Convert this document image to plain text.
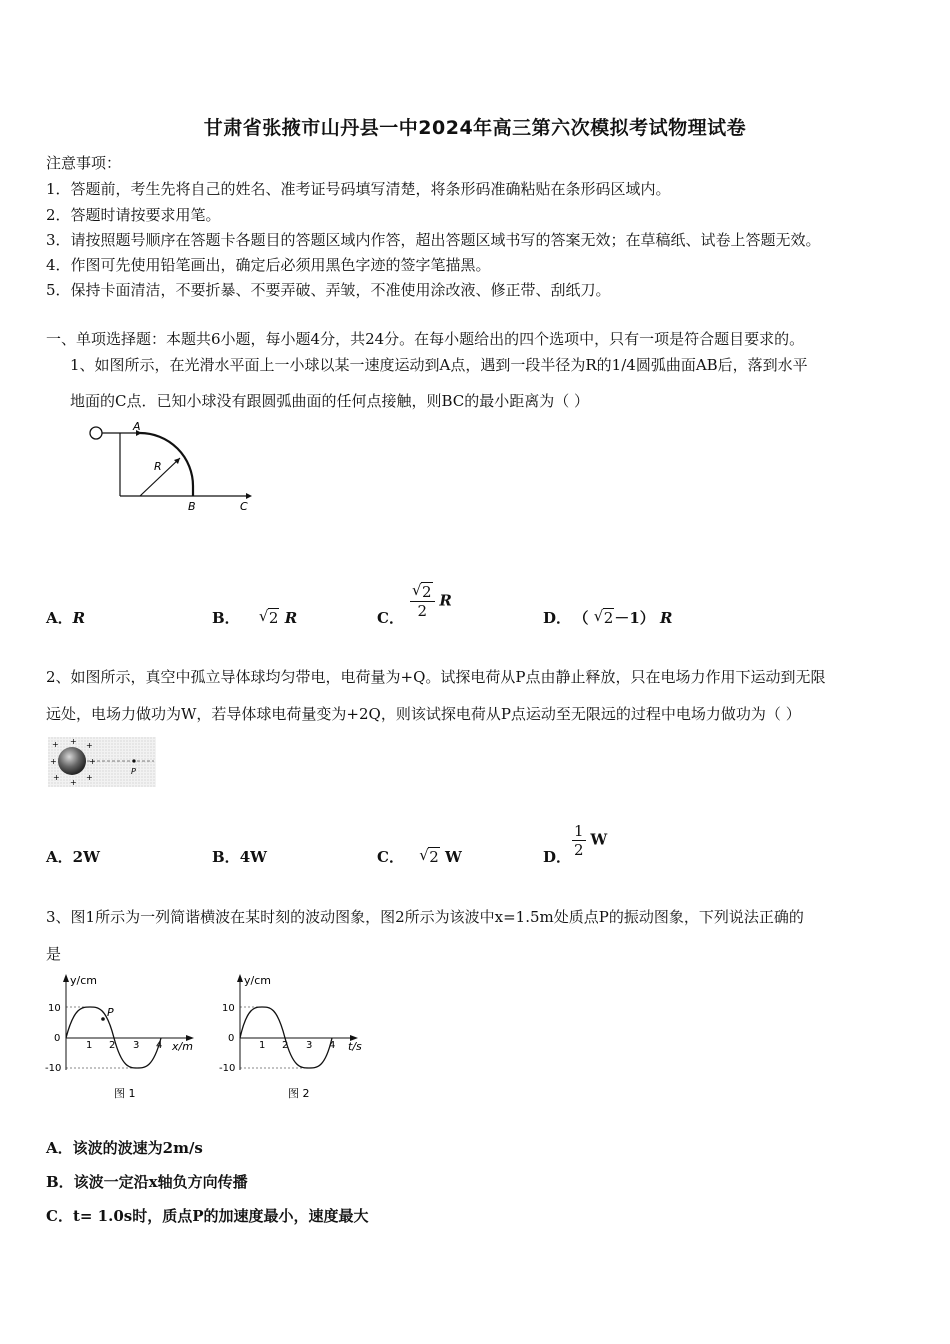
甘肃省张掖市山丹县一中2024年高三第六次模拟考试物理试卷
注意事项：
1．答题前，考生先将自己的姓名、准考证号码填写清楚，将条形码准确粘贴在条形码区域内。
2．答题时请按要求用笔。
3．请按照题号顺序在答题卡各题目的答题区域内作答，超出答题区域书写的答案无效；在草稿纸、试卷上答题无效。
4．作图可先使用铅笔画出，确定后必须用黑色字迹的签字笔描黑。
5．保持卡面清洁，不要折暴、不要弄破、弄皱，不准使用涂改液、修正带、刮纸刀。
一、单项选择题：本题共6小题，每小题4分，共24分。在每小题给出的四个选项中，只有一项是符合题目要求的。
1、如图所示，在光滑水平面上一小球以某一速度运动到A点，遇到一段半径为R的1/4圆弧曲面AB后，落到水平
地面的C点．已知小球没有跟圆弧曲面的任何点接触，则BC的最小距离为（ ）
A
R
B	C
A．R	B． √ 2 R	C． $\frac{√ 2}{2}$ R
D． （ √ 2－1） R
2、如图所示，真空中孤立导体球均匀带电，电荷量为+Q。试探电荷从P点由静止释放，只在电场力作用下运动到无限
远处，电场力做功为W，若导体球电荷量变为+2Q，则该试探电荷从P点运动至无限远的过程中电场力做功为（ ）
+ + +
+	+
+
+
+
P
A．2W	B．4W	C． √ 2 W	D． $\frac{1}{2}$ W
3、图1所示为一列简谐横波在某时刻的波动图象，图2所示为该波中x=1.5m处质点P的振动图象，下列说法正确的
是
y/cm
x/m
10
0
-10
1 2 3 4
P
图 1
y/cm
t/s
10
0
-10
1 2 3 4
图 2
A．该波的波速为2m/s
B．该波一定沿x轴负方向传播
C．t= 1.0s时，质点P的加速度最小，速度最大
